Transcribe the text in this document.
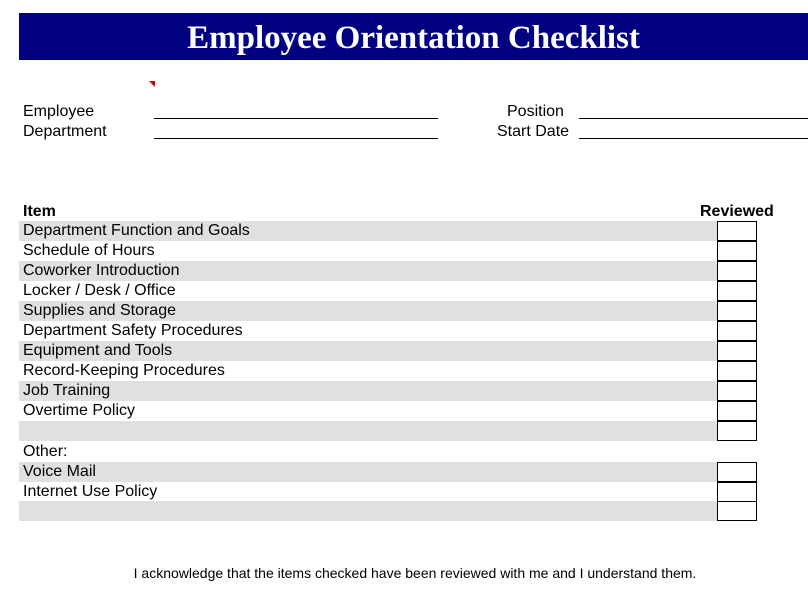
Employee Orientation Checklist
Employee
Department
Position
Start Date
Item	Reviewed
Department Function and Goals
Schedule of Hours
Coworker Introduction
Locker / Desk / Office
Supplies and Storage
Department Safety Procedures
Equipment and Tools
Record-Keeping Procedures
Job Training
Overtime Policy
Other:
Voice Mail
Internet Use Policy
I acknowledge that the items checked have been reviewed with me and I understand them.
